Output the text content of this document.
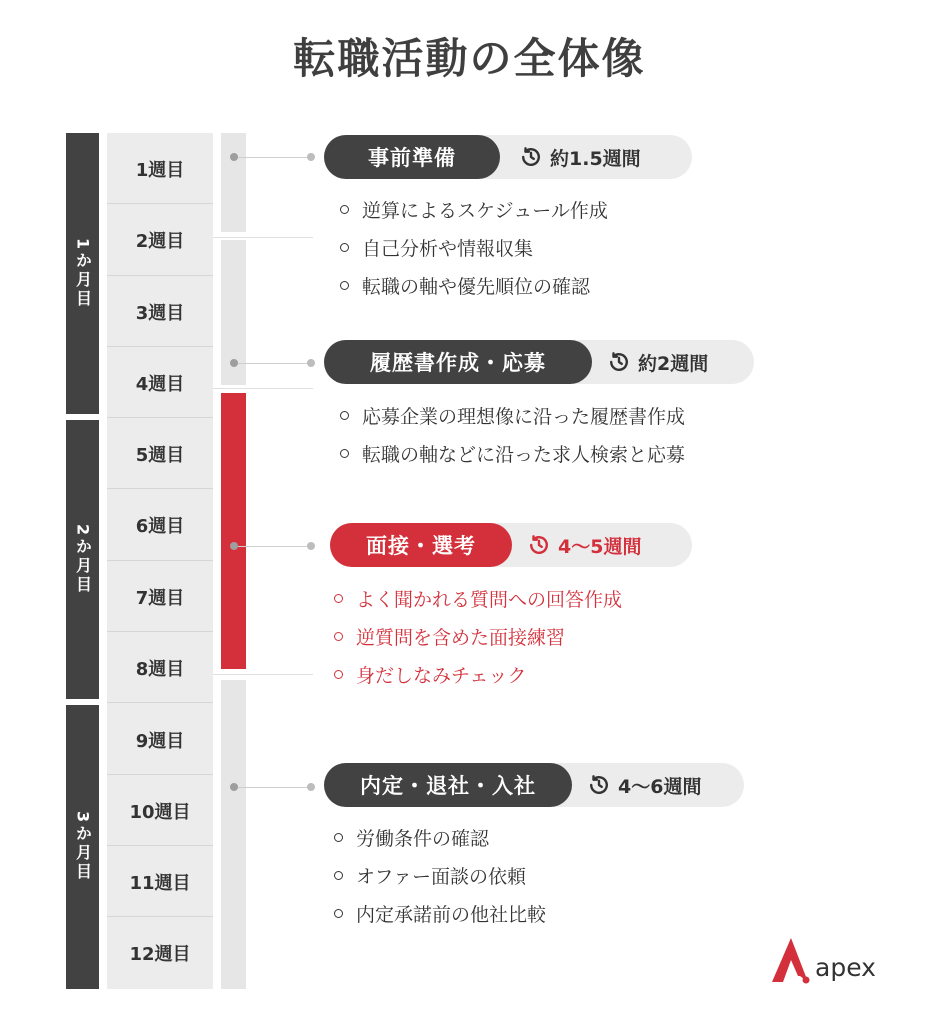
転職活動の全体像
1か月目
2か月目
3か月目
1週目
2週目
3週目
4週目
5週目
6週目
7週目
8週目
9週目
10週目
11週目
12週目
事前準備	約1.5週間
逆算によるスケジュール作成
自己分析や情報収集
転職の軸や優先順位の確認
履歴書作成・応募	約2週間
応募企業の理想像に沿った履歴書作成
転職の軸などに沿った求人検索と応募
面接・選考	4〜5週間
よく聞かれる質問への回答作成
逆質問を含めた面接練習
身だしなみチェック
内定・退社・入社	4〜6週間
労働条件の確認
オファー面談の依頼
内定承諾前の他社比較
apex
